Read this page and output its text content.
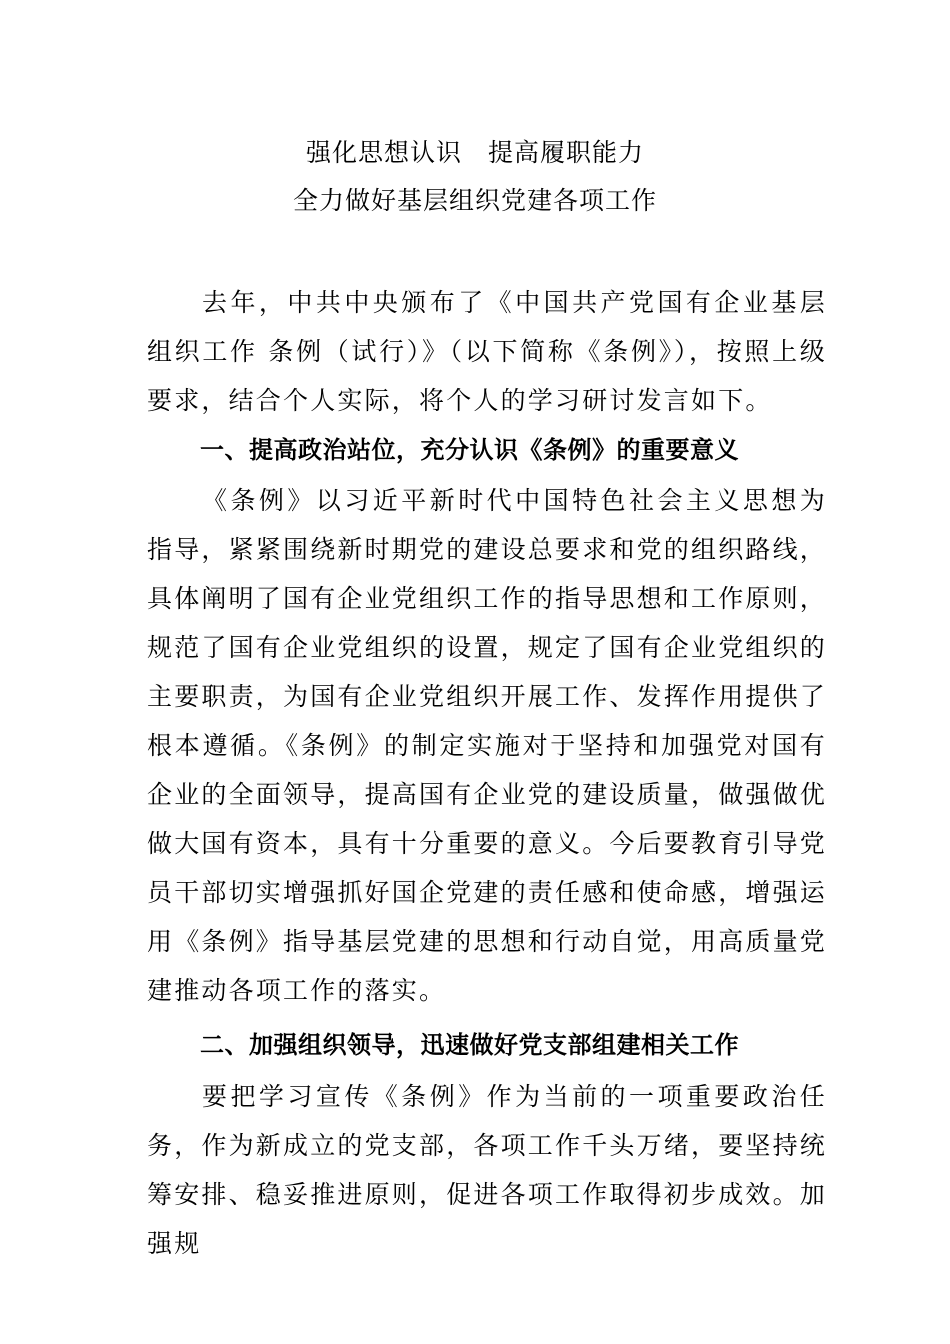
强化思想认识　提高履职能力
全力做好基层组织党建各项工作
去年，中共中央颁布了《中国共产党国有企业基层组织工作 条例（试行）》（以下简称《条例》），按照上级要求，结合个人实际，将个人的学习研讨发言如下。
一、提高政治站位，充分认识《条例》的重要意义
《条例》以习近平新时代中国特色社会主义思想为指导，紧紧围绕新时期党的建设总要求和党的组织路线，具体阐明了国有企业党组织工作的指导思想和工作原则，规范了国有企业党组织的设置，规定了国有企业党组织的主要职责，为国有企业党组织开展工作、发挥作用提供了根本遵循。《条例》的制定实施对于坚持和加强党对国有企业的全面领导，提高国有企业党的建设质量，做强做优做大国有资本，具有十分重要的意义。今后要教育引导党员干部切实增强抓好国企党建的责任感和使命感，增强运用《条例》指导基层党建的思想和行动自觉，用高质量党建推动各项工作的落实。
二、加强组织领导，迅速做好党支部组建相关工作
要把学习宣传《条例》作为当前的一项重要政治任务，作为新成立的党支部，各项工作千头万绪，要坚持统筹安排、稳妥推进原则，促进各项工作取得初步成效。加强规
